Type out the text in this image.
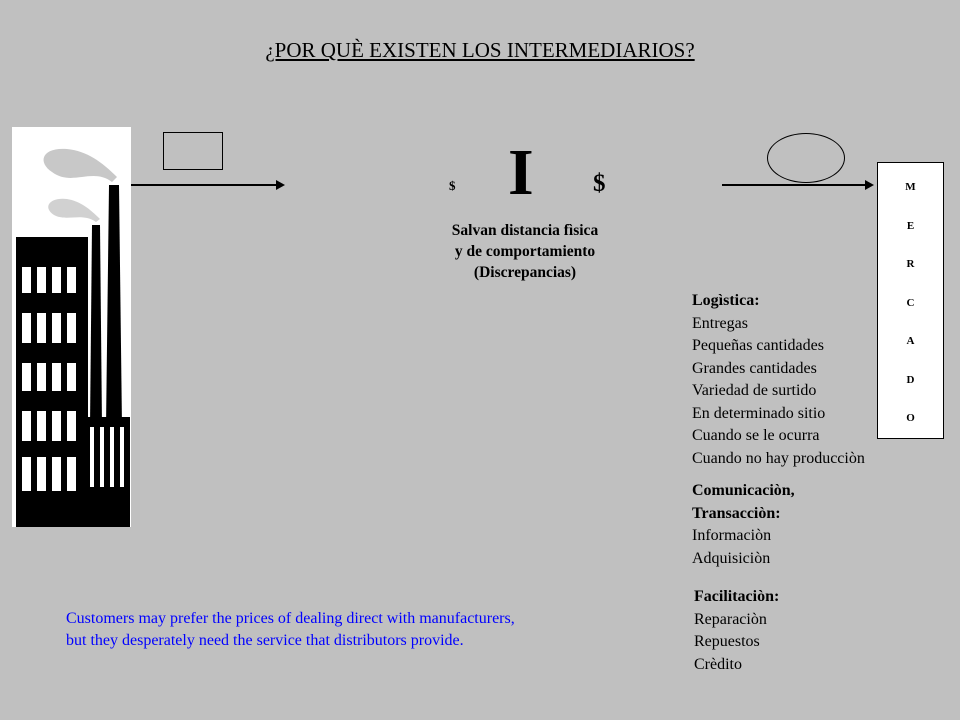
¿POR QUÈ EXISTEN LOS INTERMEDIARIOS?
$ I $
Salvan distancia fìsica
y de comportamiento
(Discrepancias)
M
E
R
C
A
D
O
Logìstica:
Entregas
Pequeñas cantidades
Grandes cantidades
Variedad de surtido
En determinado sitio
Cuando se le ocurra
Cuando no hay producciòn
Comunicaciòn,
Transacciòn:
Informaciòn
Adquisiciòn
Facilitaciòn:
Reparaciòn
Repuestos
Crèdito
Customers may prefer the prices of dealing direct with manufacturers,
but they desperately need the service that distributors provide.
